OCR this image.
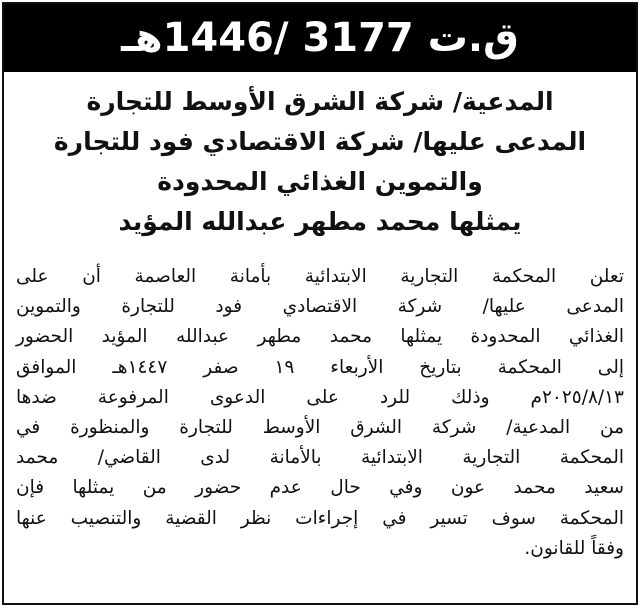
ق.ت 3177 /1446هـ
المدعية/ شركة الشرق الأوسط للتجارة
المدعى عليها/ شركة الاقتصادي فود للتجارة
والتموين الغذائي المحدودة
يمثلها محمد مطهر عبدالله المؤيد
تعلن المحكمة التجارية الابتدائية بأمانة العاصمة أن على
المدعى عليها/ شركة الاقتصادي فود للتجارة والتموين
الغذائي المحدودة يمثلها محمد مطهر عبدالله المؤيد الحضور
إلى المحكمة بتاريخ الأربعاء ١٩ صفر ١٤٤٧هـ الموافق
٢٠٢٥/٨/١٣م وذلك للرد على الدعوى المرفوعة ضدها
من المدعية/ شركة الشرق الأوسط للتجارة والمنظورة في
المحكمة التجارية الابتدائية بالأمانة لدى القاضي/ محمد
سعيد محمد عون وفي حال عدم حضور من يمثلها فإن
المحكمة سوف تسير في إجراءات نظر القضية والتنصيب عنها
وفقاً للقانون.
